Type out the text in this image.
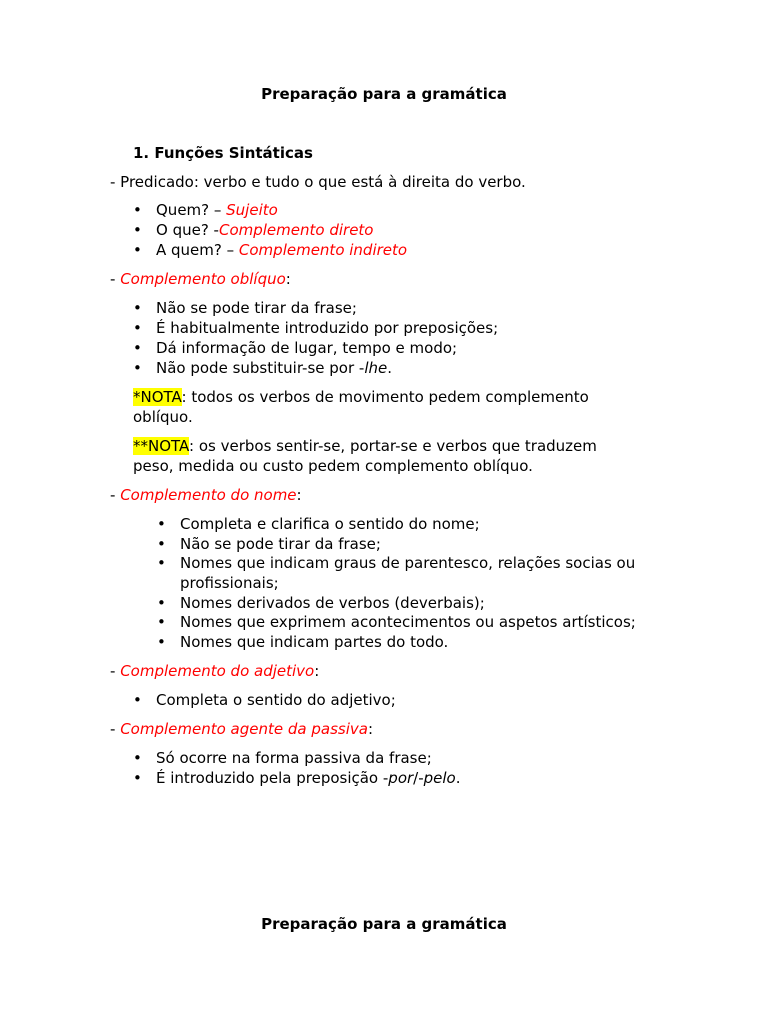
Preparação para a gramática
1. Funções Sintáticas
- Predicado: verbo e tudo o que está à direita do verbo.
• Quem? – Sujeito
• O que? -Complemento direto
• A quem? – Complemento indireto
- Complemento oblíquo:
• Não se pode tirar da frase;
• É habitualmente introduzido por preposições;
• Dá informação de lugar, tempo e modo;
• Não pode substituir-se por -lhe.
*NOTA: todos os verbos de movimento pedem complemento
oblíquo.
**NOTA: os verbos sentir-se, portar-se e verbos que traduzem
peso, medida ou custo pedem complemento oblíquo.
- Complemento do nome:
• Completa e clarifica o sentido do nome;
• Não se pode tirar da frase;
• Nomes que indicam graus de parentesco, relações socias ou
profissionais;
• Nomes derivados de verbos (deverbais);
• Nomes que exprimem acontecimentos ou aspetos artísticos;
• Nomes que indicam partes do todo.
- Complemento do adjetivo:
• Completa o sentido do adjetivo;
- Complemento agente da passiva:
• Só ocorre na forma passiva da frase;
• É introduzido pela preposição -por/-pelo.
Preparação para a gramática
